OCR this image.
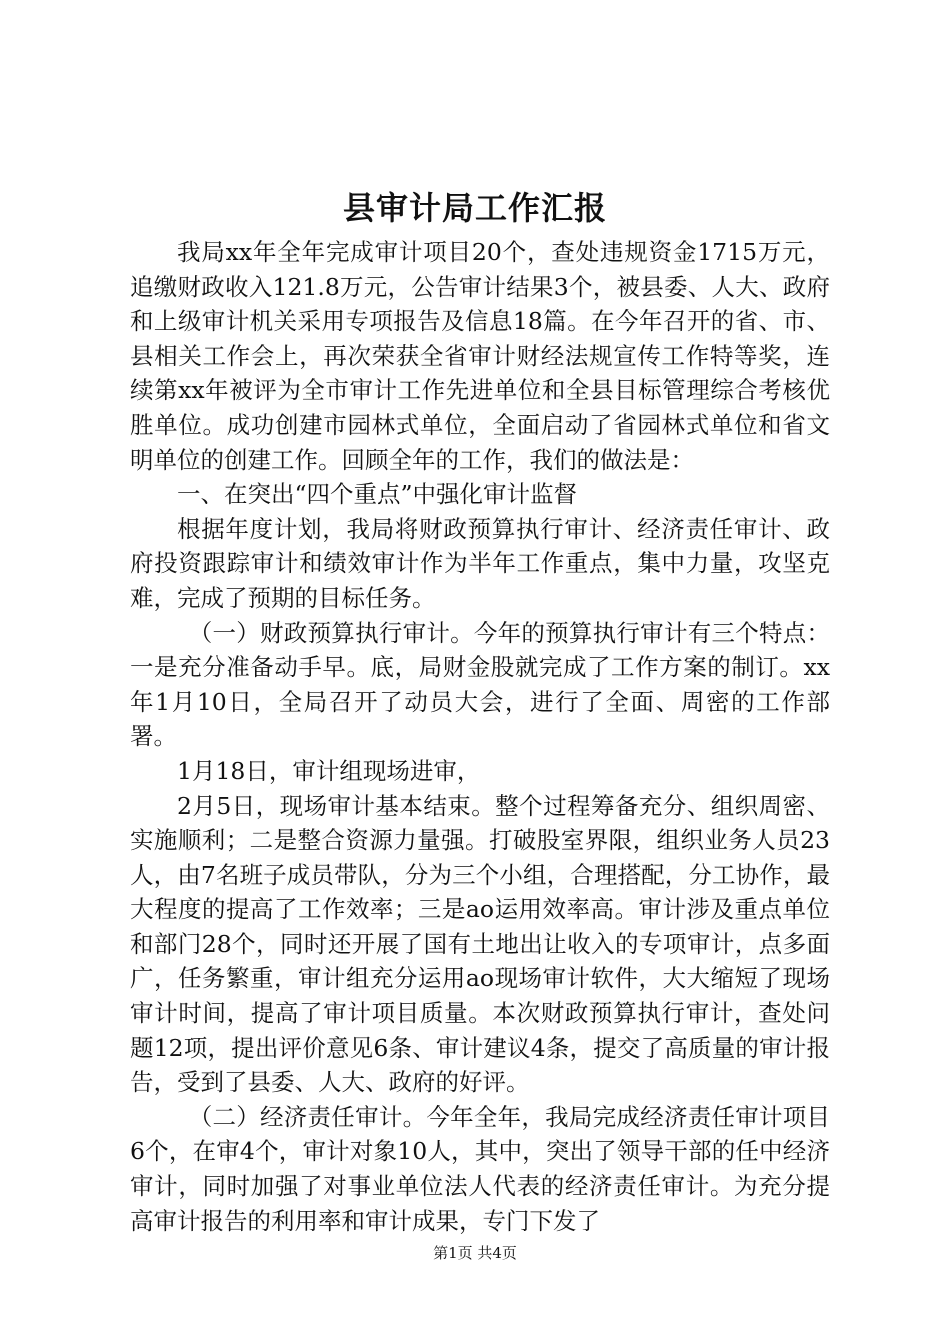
县审计局工作汇报

我局xx年全年完成审计项目20个，查处违规资金1715万元，追缴财政收入121.8万元，公告审计结果3个，被县委、人大、政府和上级审计机关采用专项报告及信息18篇。在今年召开的省、市、县相关工作会上，再次荣获全省审计财经法规宣传工作特等奖，连续第xx年被评为全市审计工作先进单位和全县目标管理综合考核优胜单位。成功创建市园林式单位，全面启动了省园林式单位和省文明单位的创建工作。回顾全年的工作，我们的做法是：

一、在突出“四个重点”中强化审计监督

根据年度计划，我局将财政预算执行审计、经济责任审计、政府投资跟踪审计和绩效审计作为半年工作重点，集中力量，攻坚克难，完成了预期的目标任务。

（一）财政预算执行审计。今年的预算执行审计有三个特点：一是充分准备动手早。底，局财金股就完成了工作方案的制订。xx年1月10日，全局召开了动员大会，进行了全面、周密的工作部署。

1月18日，审计组现场进审，

2月5日，现场审计基本结束。整个过程筹备充分、组织周密、实施顺利；二是整合资源力量强。打破股室界限，组织业务人员23人，由7名班子成员带队，分为三个小组，合理搭配，分工协作，最大程度的提高了工作效率；三是ao运用效率高。审计涉及重点单位和部门28个，同时还开展了国有土地出让收入的专项审计，点多面广，任务繁重，审计组充分运用ao现场审计软件，大大缩短了现场审计时间，提高了审计项目质量。本次财政预算执行审计，查处问题12项，提出评价意见6条、审计建议4条，提交了高质量的审计报告，受到了县委、人大、政府的好评。

（二）经济责任审计。今年全年，我局完成经济责任审计项目6个，在审4个，审计对象10人，其中，突出了领导干部的任中经济审计，同时加强了对事业单位法人代表的经济责任审计。为充分提高审计报告的利用率和审计成果，专门下发了

第1页 共4页
